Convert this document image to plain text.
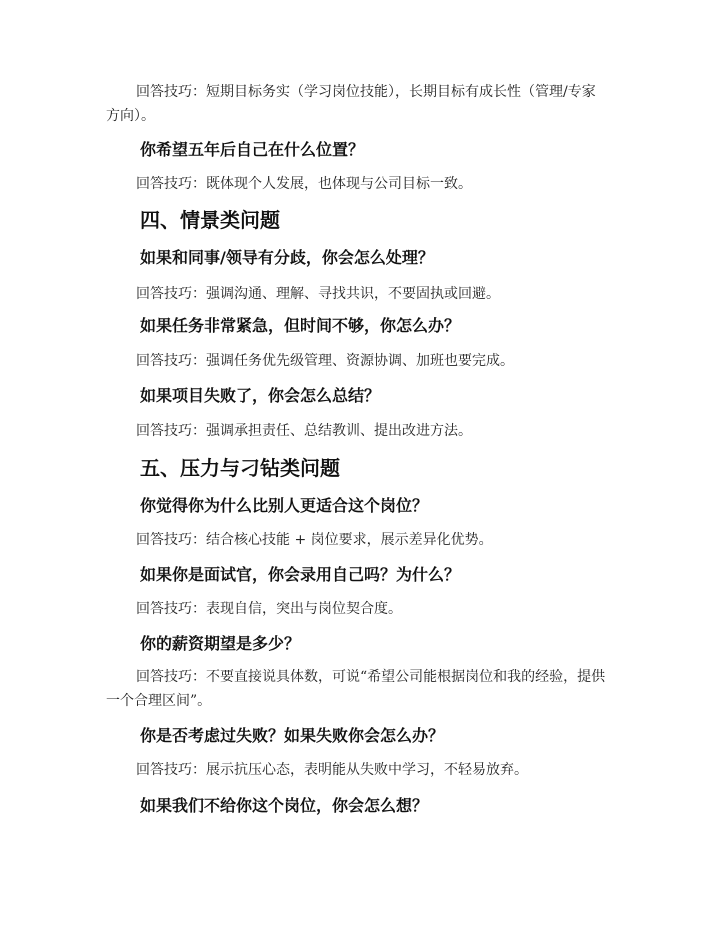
回答技巧：短期目标务实（学习岗位技能），长期目标有成长性（管理/专家

方向）。

你希望五年后自己在什么位置？

回答技巧：既体现个人发展，也体现与公司目标一致。

四、情景类问题

如果和同事/领导有分歧，你会怎么处理？

回答技巧：强调沟通、理解、寻找共识，不要固执或回避。

如果任务非常紧急，但时间不够，你怎么办？

回答技巧：强调任务优先级管理、资源协调、加班也要完成。

如果项目失败了，你会怎么总结？

回答技巧：强调承担责任、总结教训、提出改进方法。

五、压力与刁钻类问题

你觉得你为什么比别人更适合这个岗位？

回答技巧：结合核心技能 + 岗位要求，展示差异化优势。

如果你是面试官，你会录用自己吗？为什么？

回答技巧：表现自信，突出与岗位契合度。

你的薪资期望是多少？

回答技巧：不要直接说具体数，可说“希望公司能根据岗位和我的经验，提供

一个合理区间”。

你是否考虑过失败？如果失败你会怎么办？

回答技巧：展示抗压心态，表明能从失败中学习，不轻易放弃。

如果我们不给你这个岗位，你会怎么想？
